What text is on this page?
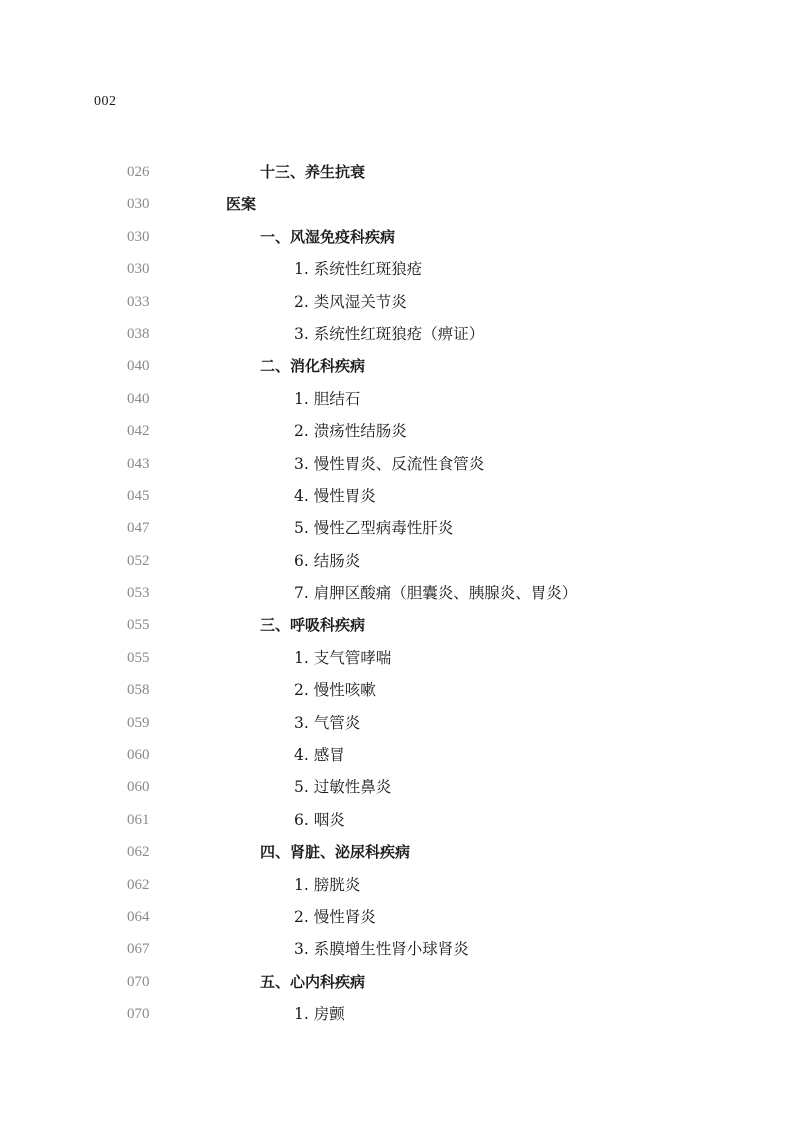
002
026	十三、养生抗衰
030	医案
030	一、风湿免疫科疾病
030	1. 系统性红斑狼疮
033	2. 类风湿关节炎
038	3. 系统性红斑狼疮（痹证）
040	二、消化科疾病
040	1. 胆结石
042	2. 溃疡性结肠炎
043	3. 慢性胃炎、反流性食管炎
045	4. 慢性胃炎
047	5. 慢性乙型病毒性肝炎
052	6. 结肠炎
053	7. 肩胛区酸痛（胆囊炎、胰腺炎、胃炎）
055	三、呼吸科疾病
055	1. 支气管哮喘
058	2. 慢性咳嗽
059	3. 气管炎
060	4. 感冒
060	5. 过敏性鼻炎
061	6. 咽炎
062	四、肾脏、泌尿科疾病
062	1. 膀胱炎
064	2. 慢性肾炎
067	3. 系膜增生性肾小球肾炎
070	五、心内科疾病
070	1. 房颤
